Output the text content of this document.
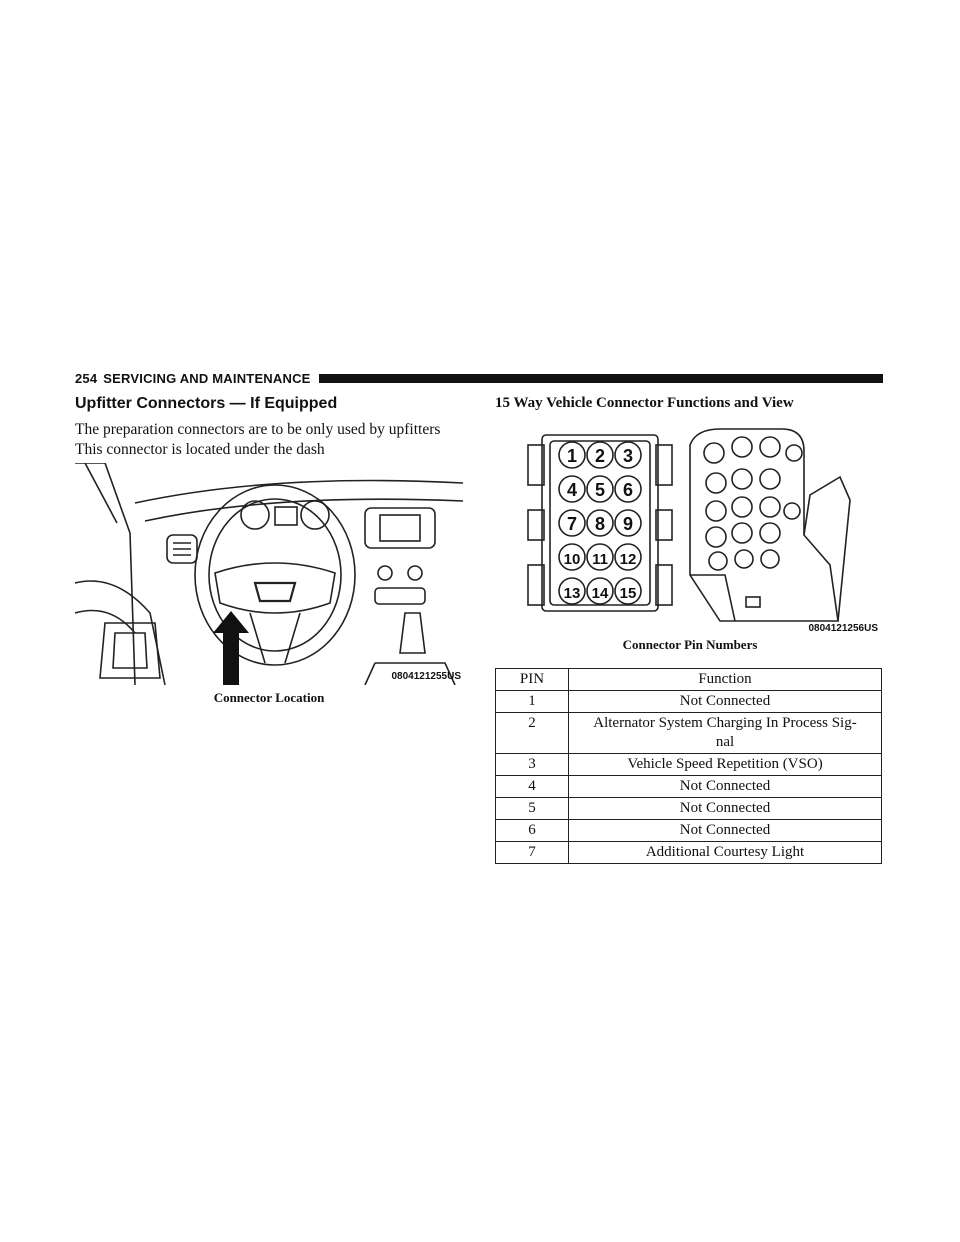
254 SERVICING AND MAINTENANCE
Upfitter Connectors — If Equipped
The preparation connectors are to be only used by upfitters
This connector is located under the dash
0804121255US
Connector Location
15 Way Vehicle Connector Functions and View
1 2 3
4 5 6
7 8 9
10 11 12
13 14 15
0804121256US
Connector Pin Numbers
PIN	Function
1	Not Connected
2	Alternator System Charging In Process Sig-
nal

3	Vehicle Speed Repetition (VSO)
4	Not Connected
5	Not Connected
6	Not Connected
7	Additional Courtesy Light
